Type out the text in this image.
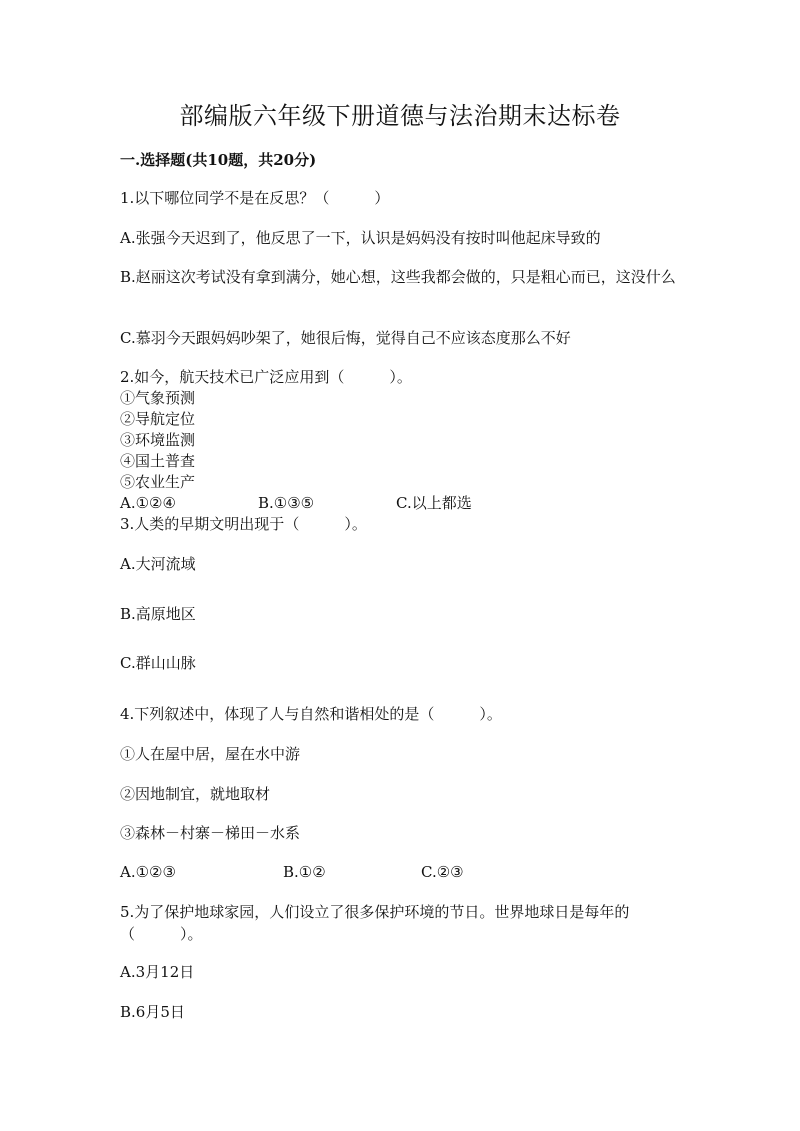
部编版六年级下册道德与法治期末达标卷
一.选择题(共10题，共20分)
1.以下哪位同学不是在反思？（　　　）
A.张强今天迟到了，他反思了一下，认识是妈妈没有按时叫他起床导致的
B.赵丽这次考试没有拿到满分，她心想，这些我都会做的，只是粗心而已，这没什么
C.慕羽今天跟妈妈吵架了，她很后悔，觉得自己不应该态度那么不好
2.如今，航天技术已广泛应用到（　　　）。
①气象预测
②导航定位
③环境监测
④国土普查
⑤农业生产
A.①②④	B.①③⑤	C.以上都选
3.人类的早期文明出现于（　　　）。
A.大河流域
B.高原地区
C.群山山脉
4.下列叙述中，体现了人与自然和谐相处的是（　　　）。
①人在屋中居，屋在水中游
②因地制宜，就地取材
③森林－村寨－梯田－水系
A.①②③	B.①②	C.②③
5.为了保护地球家园，人们设立了很多保护环境的节日。世界地球日是每年的（　　　）。
A.3月12日
B.6月5日
